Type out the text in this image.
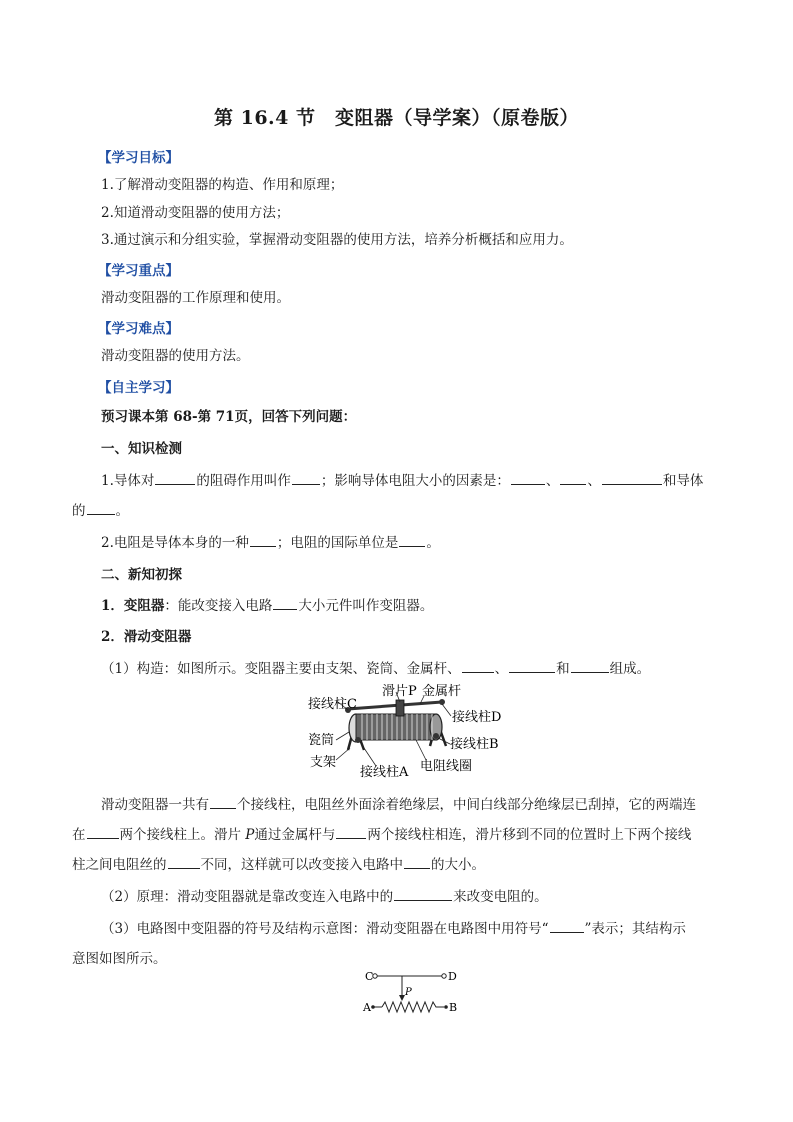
第 16.4 节　变阻器（导学案）（原卷版）
【学习目标】
1.了解滑动变阻器的构造、作用和原理；
2.知道滑动变阻器的使用方法；
3.通过演示和分组实验，掌握滑动变阻器的使用方法，培养分析概括和应用力。
【学习重点】
滑动变阻器的工作原理和使用。
【学习难点】
滑动变阻器的使用方法。
【自主学习】
预习课本第 68-第 71页，回答下列问题：
一、知识检测
1.导体对	的阻碍作用叫作 ；影响导体电阻大小的因素是：	、 、	和导体
的 。
2.电阻是导体本身的一种 ；电阻的国际单位是 。
二、新知初探
1．变阻器：能改变接入电路 大小元件叫作变阻器。
2．滑动变阻器
（1）构造：如图所示。变阻器主要由支架、瓷筒、金属杆、	、	和	组成。
接线柱C
滑片P 金属杆
接线柱D
瓷筒	接线柱B
支架
接线柱A 电阻线圈
滑动变阻器一共有 个接线柱，电阻丝外面涂着绝缘层，中间白线部分绝缘层已刮掉，它的两端连
在	两个接线柱上。滑片 P通过金属杆与 两个接线柱相连，滑片移到不同的位置时上下两个接线
柱之间电阻丝的	不同，这样就可以改变接入电路中 的大小。
（2）原理：滑动变阻器就是靠改变连入电路中的	来改变电阻的。
（3）电路图中变阻器的符号及结构示意图：滑动变阻器在电路图中用符号“	”表示；其结构示
意图如图所示。
C	D
P
A	B
